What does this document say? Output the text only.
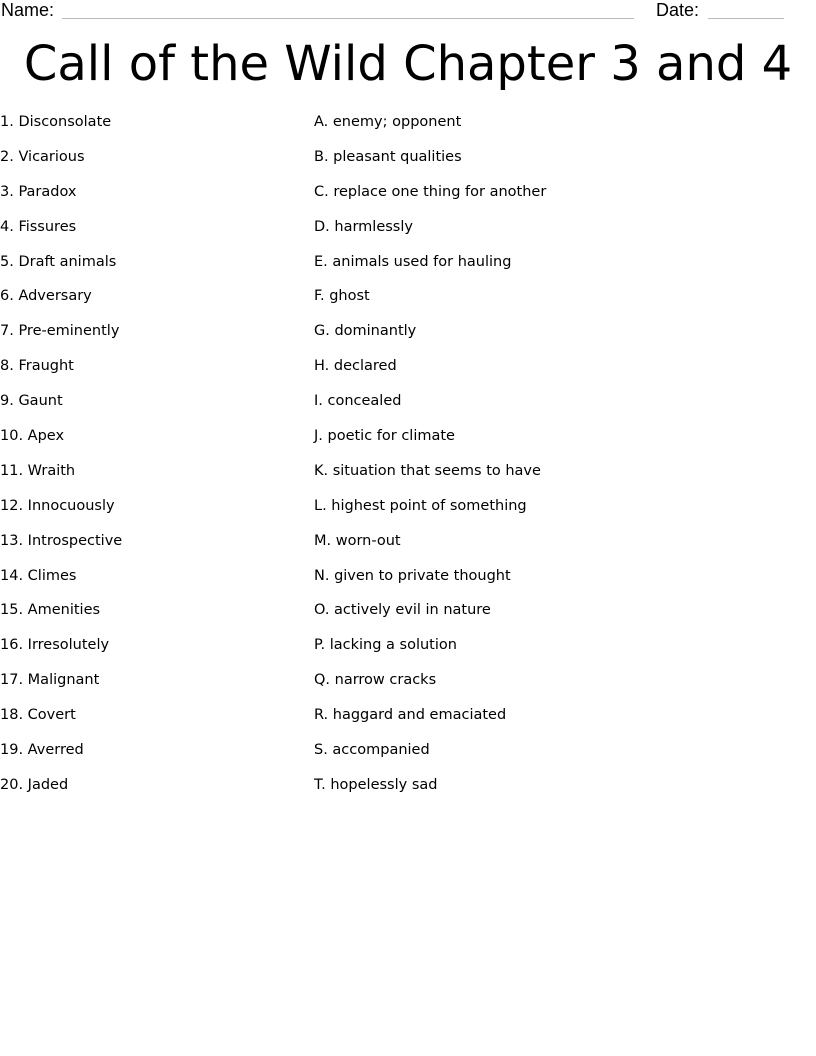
Name:	Date:
Call of the Wild Chapter 3 and 4
1. Disconsolate
2. Vicarious
3. Paradox
4. Fissures
5. Draft animals
6. Adversary
7. Pre-eminently
8. Fraught
9. Gaunt
10. Apex
11. Wraith
12. Innocuously
13. Introspective
14. Climes
15. Amenities
16. Irresolutely
17. Malignant
18. Covert
19. Averred
20. Jaded
A. enemy; opponent
B. pleasant qualities
C. replace one thing for another
D. harmlessly
E. animals used for hauling
F. ghost
G. dominantly
H. declared
I. concealed
J. poetic for climate
K. situation that seems to have
L. highest point of something
M. worn-out
N. given to private thought
O. actively evil in nature
P. lacking a solution
Q. narrow cracks
R. haggard and emaciated
S. accompanied
T. hopelessly sad
